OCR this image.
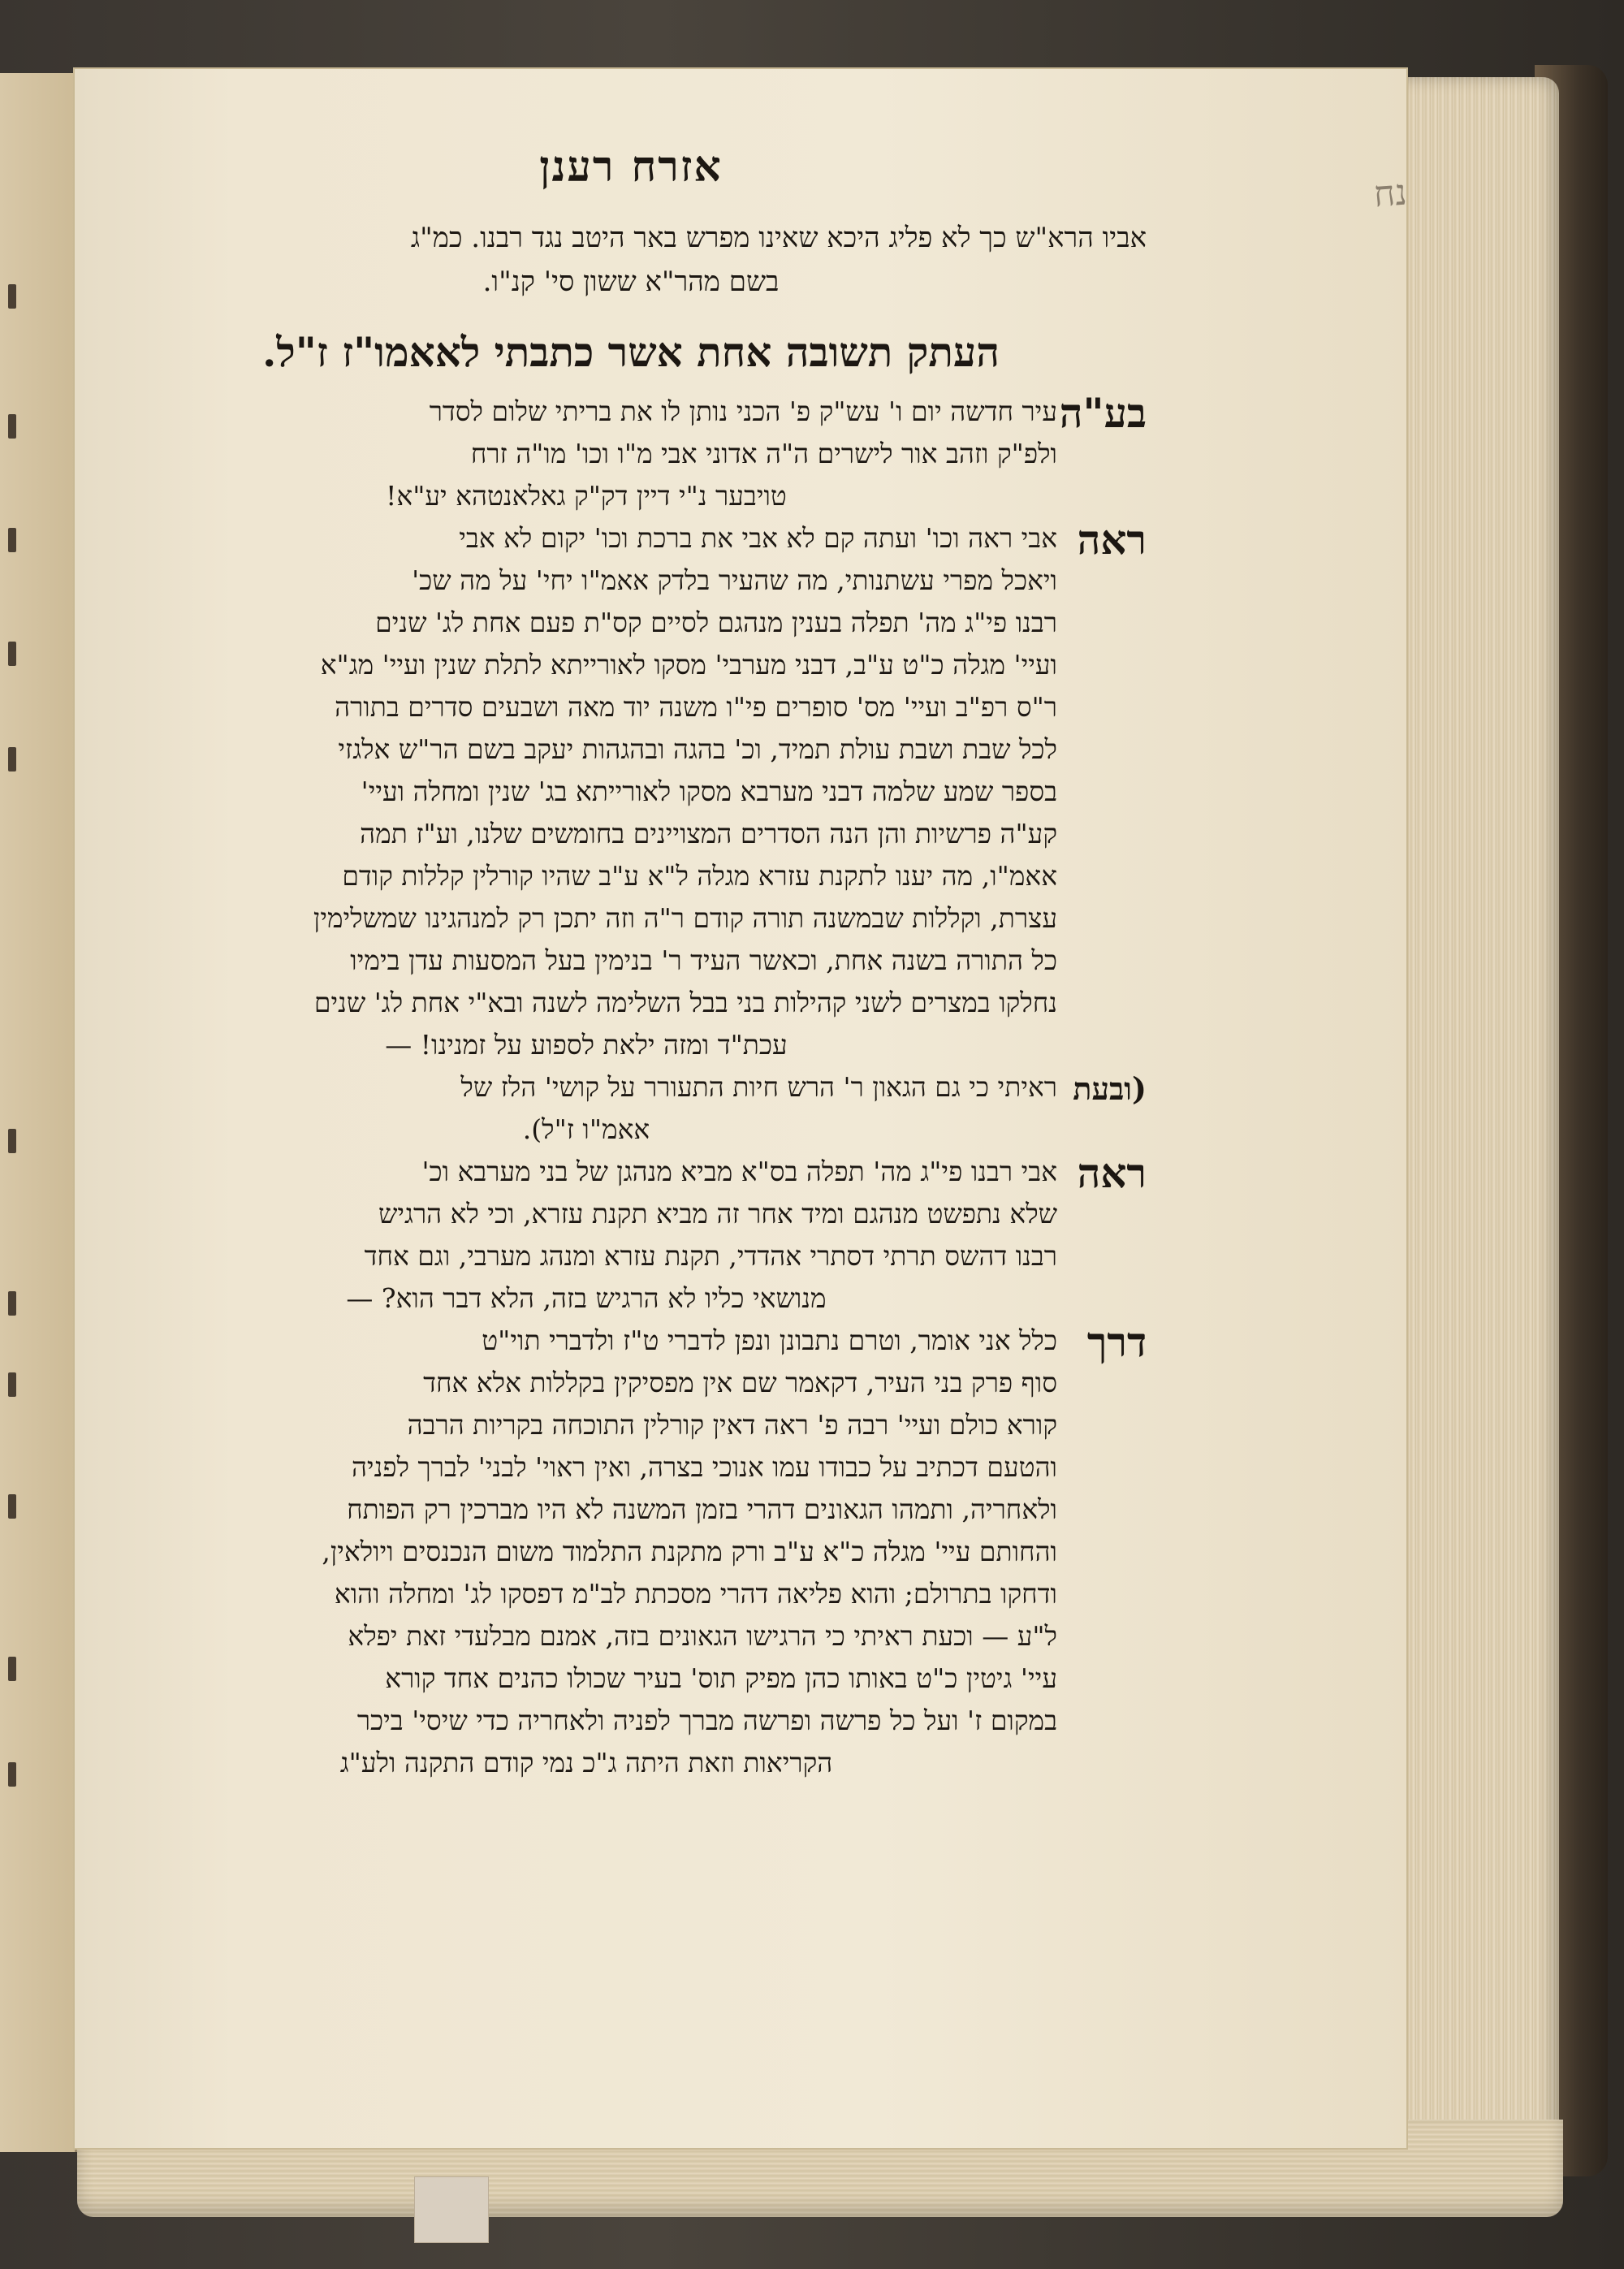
נח
אזרח רענן

אביו הרא"ש כך לא פליג היכא שאינו מפרש באר היטב נגד רבנו. כמ"ג

בשם מהר"א ששון סי' קנ"ו.

העתק תשובה אחת אשר כתבתי לאאמו"ז ז"ל.
בע"ה
עיר חדשה יום ו' עש"ק פ' הכני נותן לו את בריתי שלום לסדר
ולפ"ק וזהב אור לישרים ה"ה אדוני אבי מ"ו וכו' מו"ה זרח
טויבער נ"י דיין דק"ק גאלאנטהא יע"א!
ראה
אבי ראה וכו' ועתה קם לא אבי את ברכת וכו' יקום לא אבי
ויאכל מפרי עשתנותי, מה שהעיר בלדק אאמ"ו יחי' על מה שכ'
רבנו פי"ג מה' תפלה בענין מנהגם לסיים קס"ת פעם אחת לג' שנים
ועיי' מגלה כ"ט ע"ב, דבני מערבי' מסקו לאורייתא לתלת שנין ועיי' מג"א
ר"ס רפ"ב ועיי' מס' סופרים פי"ו משנה יוד מאה ושבעים סדרים בתורה
לכל שבת ושבת עולת תמיד, וכ' בהגה ובהגהות יעקב בשם הר"ש אלגזי
בספר שמע שלמה דבני מערבא מסקו לאורייתא בג' שנין ומחלה ועיי'
קע"ה פרשיות והן הנה הסדרים המצויינים בחומשים שלנו, וע"ז תמה
אאמ"ו, מה יענו לתקנת עזרא מגלה ל"א ע"ב שהיו קורלין קללות קודם
עצרת, וקללות שבמשנה תורה קודם ר"ה וזה יתכן רק למנהגינו שמשלימין
כל התורה בשנה אחת, וכאשר העיד ר' בנימין בעל המסעות עדן בימיו
נחלקו במצרים לשני קהילות בני בבל השלימה לשנה ובא"י אחת לג' שנים
עכת"ד ומזה ילאת לספוע על זמנינו! —
(ובעת
ראיתי כי גם הגאון ר' הרש חיות התעורר על קושי' הלז של
אאמ"ו ז"ל).
ראה
אבי רבנו פי"ג מה' תפלה בס"א מביא מנהגן של בני מערבא וכ'
שלא נתפשט מנהגם ומיד אחר זה מביא תקנת עזרא, וכי לא הרגיש
רבנו דהשס תרתי דסתרי אהדדי, תקנת עזרא ומנהג מערבי, וגם אחד
מנושאי כליו לא הרגיש בזה, הלא דבר הוא? —
דרך
כלל אני אומר, וטרם נתבונן ונפן לדברי ט"ז ולדברי תוי"ט
סוף פרק בני העיר, דקאמר שם אין מפסיקין בקללות אלא אחד
קורא כולם ועיי' רבה פ' ראה דאין קורלין התוכחה בקריות הרבה
והטעם דכתיב על כבודו עמו אנוכי בצרה, ואין ראוי' לבני' לברך לפניה
ולאחריה, ותמהו הגאונים דהרי בזמן המשנה לא היו מברכין רק הפותח
והחותם עיי' מגלה כ"א ע"ב ורק מתקנת התלמוד משום הנכנסים ויולאין,
ודחקו בתרולם; והוא פליאה דהרי מסכתת לב"מ דפסקו לג' ומחלה והוא
ל"ע — וכעת ראיתי כי הרגישו הגאונים בזה, אמנם מבלעדי זאת יפלא
עיי' גיטין כ"ט באותו כהן מפיק תוס' בעיר שכולו כהנים אחד קורא
במקום ז' ועל כל פרשה ופרשה מברך לפניה ולאחריה כדי שיסי' ביכר
הקריאות וזאת היתה ג"כ נמי קודם התקנה ולע"ג
